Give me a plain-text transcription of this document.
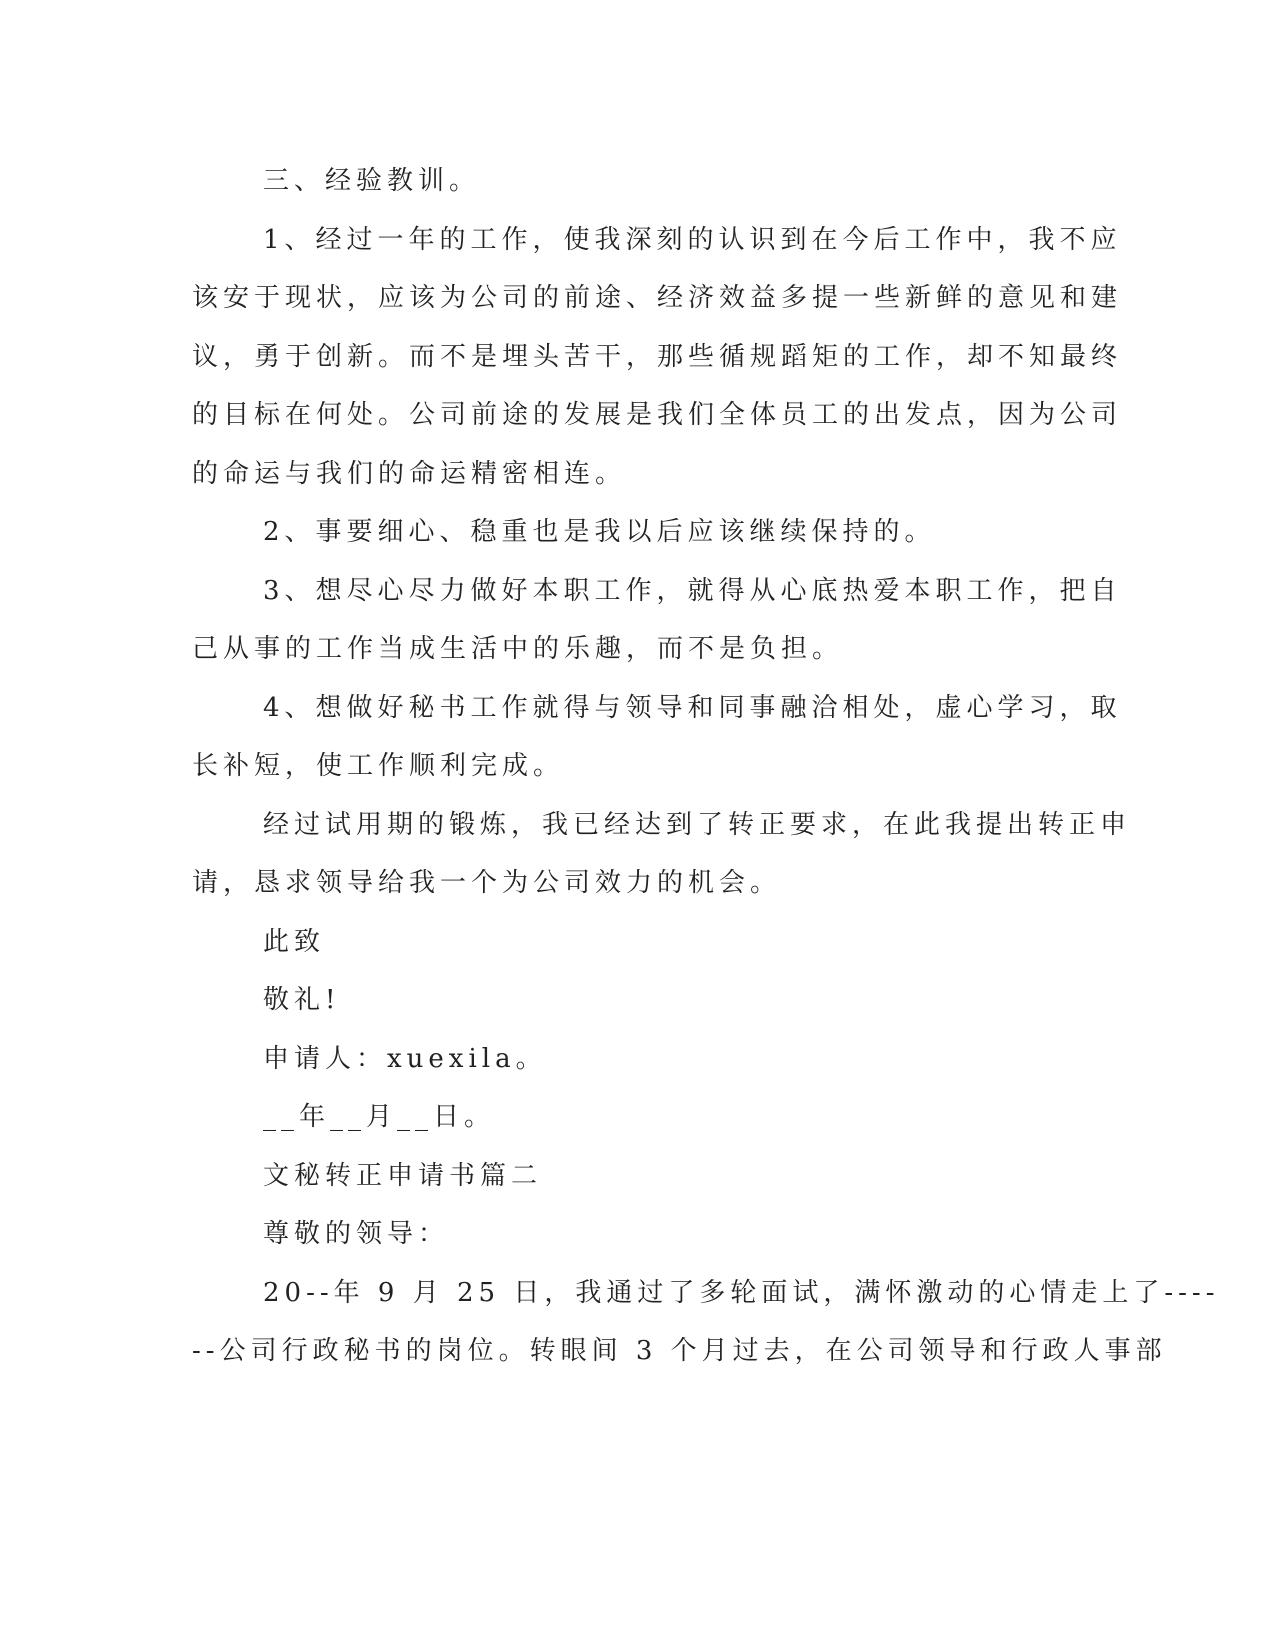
三、经验教训。
1、经过一年的工作，使我深刻的认识到在今后工作中，我不应
该安于现状，应该为公司的前途、经济效益多提一些新鲜的意见和建
议，勇于创新。而不是埋头苦干，那些循规蹈矩的工作，却不知最终
的目标在何处。公司前途的发展是我们全体员工的出发点，因为公司
的命运与我们的命运精密相连。
2、事要细心、稳重也是我以后应该继续保持的。
3、想尽心尽力做好本职工作，就得从心底热爱本职工作，把自
己从事的工作当成生活中的乐趣，而不是负担。
4、想做好秘书工作就得与领导和同事融洽相处，虚心学习，取
长补短，使工作顺利完成。
经过试用期的锻炼，我已经达到了转正要求，在此我提出转正申
请，恳求领导给我一个为公司效力的机会。
此致
敬礼!
申请人：xuexila。
__年__月__日。
文秘转正申请书篇二
尊敬的领导：
20--年 9 月 25 日，我通过了多轮面试，满怀激动的心情走上了----
--公司行政秘书的岗位。转眼间 3 个月过去，在公司领导和行政人事部
